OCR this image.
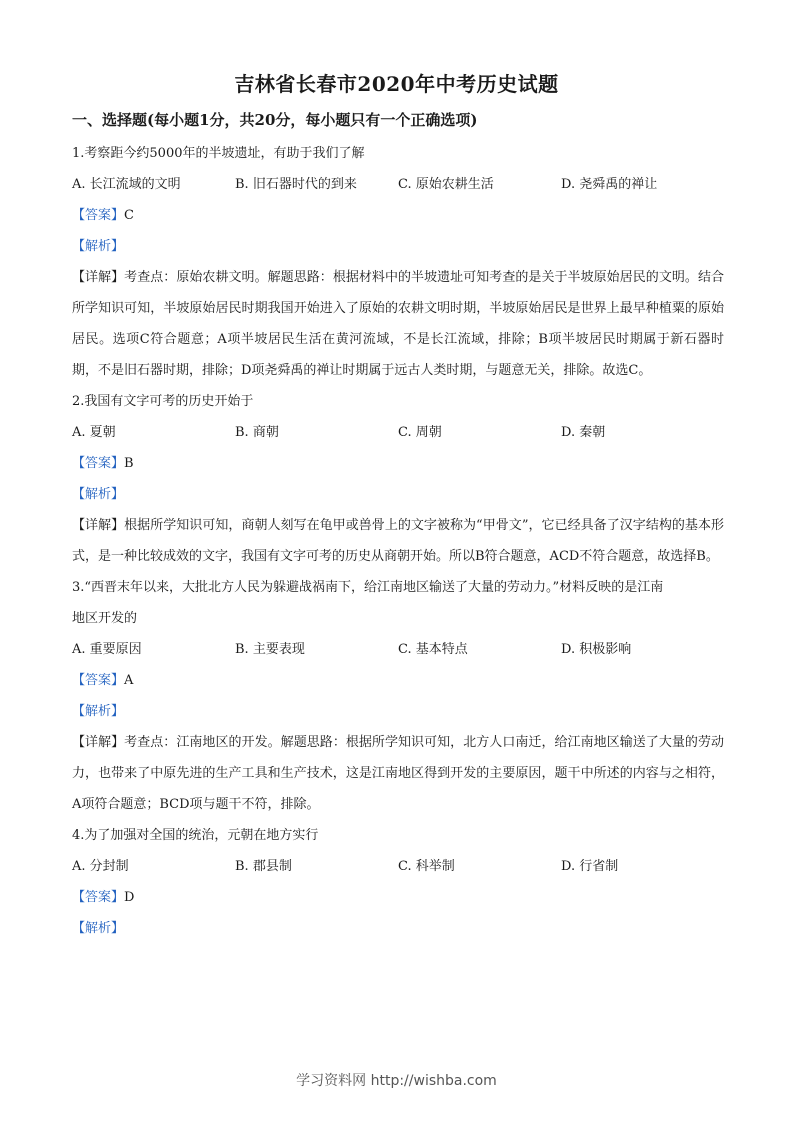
吉林省长春市2020年中考历史试题
一、选择题(每小题1分，共20分，每小题只有一个正确选项)
1.考察距今约5000年的半坡遗址，有助于我们了解
A. 长江流域的文明	B. 旧石器时代的到来	C. 原始农耕生活	D. 尧舜禹的禅让
【答案】C
【解析】
【详解】考查点：原始农耕文明。解题思路：根据材料中的半坡遗址可知考查的是关于半坡原始居民的文明。结合所学知识可知，半坡原始居民时期我国开始进入了原始的农耕文明时期，半坡原始居民是世界上最早种植粟的原始居民。选项C符合题意；A项半坡居民生活在黄河流域，不是长江流域，排除；B项半坡居民时期属于新石器时期，不是旧石器时期，排除；D项尧舜禹的禅让时期属于远古人类时期，与题意无关，排除。故选C。
2.我国有文字可考的历史开始于
A. 夏朝	B. 商朝	C. 周朝	D. 秦朝
【答案】B
【解析】
【详解】根据所学知识可知，商朝人刻写在龟甲或兽骨上的文字被称为“甲骨文”，它已经具备了汉字结构的基本形式，是一种比较成效的文字，我国有文字可考的历史从商朝开始。所以B符合题意，ACD不符合题意，故选择B。
3.“西晋末年以来，大批北方人民为躲避战祸南下，给江南地区输送了大量的劳动力。”材料反映的是江南
地区开发的
A. 重要原因	B. 主要表现	C. 基本特点	D. 积极影响
【答案】A
【解析】
【详解】考查点：江南地区的开发。解题思路：根据所学知识可知，北方人口南迁，给江南地区输送了大量的劳动力，也带来了中原先进的生产工具和生产技术，这是江南地区得到开发的主要原因，题干中所述的内容与之相符，A项符合题意；BCD项与题干不符，排除。
4.为了加强对全国的统治，元朝在地方实行
A. 分封制	B. 郡县制	C. 科举制	D. 行省制
【答案】D
【解析】
学习资料网 http://wishba.com
